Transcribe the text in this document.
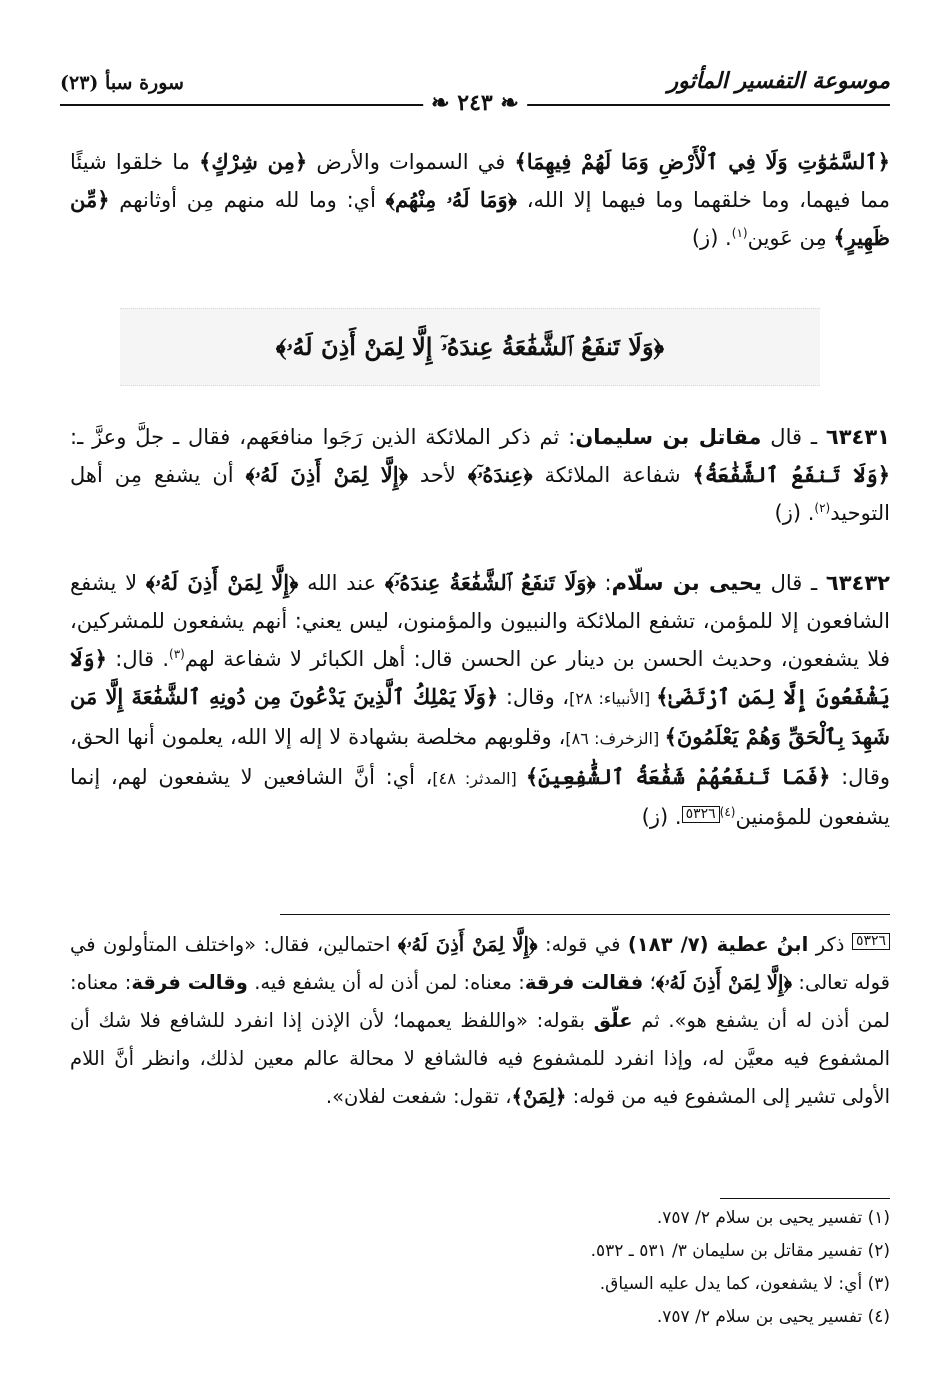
موسوعة التفسير المأثور
سورة سبأ (٢٣)
❧ ٢٤٣ ❧
﴿ٱلسَّمَٰوَٰتِ وَلَا فِي ٱلْأَرْضِ وَمَا لَهُمْ فِيهِمَا﴾ في السموات والأرض ﴿مِن شِرْكٍ﴾ ما خلقوا شيئًا مما فيهما، وما خلقهما وما فيهما إلا الله، ﴿وَمَا لَهُۥ مِنْهُم﴾ أي: وما لله منهم مِن أوثانهم ﴿مِّن ظَهِيرٍ﴾ مِن عَوين$^{(١)}$. (ز)
﴿وَلَا تَنفَعُ ٱلشَّفَٰعَةُ عِندَهُۥٓ إِلَّا لِمَنْ أَذِنَ لَهُۥ﴾
٦٣٤٣١ ـ قال مقاتل بن سليمان: ثم ذكر الملائكة الذين رَجَوا منافعَهم، فقال ـ جلَّ وعزَّ ـ: ﴿وَلَا تَنفَعُ ٱلشَّفَٰعَةُ﴾ شفاعة الملائكة ﴿عِندَهُۥٓ﴾ لأحد ﴿إِلَّا لِمَنْ أَذِنَ لَهُۥ﴾ أن يشفع مِن أهل التوحيد$^{(٢)}$. (ز)
٦٣٤٣٢ ـ قال يحيى بن سلّام: ﴿وَلَا تَنفَعُ ٱلشَّفَٰعَةُ عِندَهُۥٓ﴾ عند الله ﴿إِلَّا لِمَنْ أَذِنَ لَهُۥ﴾ لا يشفع الشافعون إلا للمؤمن، تشفع الملائكة والنبيون والمؤمنون، ليس يعني: أنهم يشفعون للمشركين، فلا يشفعون، وحديث الحسن بن دينار عن الحسن قال: أهل الكبائر لا شفاعة لهم$^{(٣)}$. قال: ﴿وَلَا يَشْفَعُونَ إِلَّا لِمَنِ ٱرْتَضَىٰ﴾ [الأنبياء: ٢٨]، وقال: ﴿وَلَا يَمْلِكُ ٱلَّذِينَ يَدْعُونَ مِن دُونِهِ ٱلشَّفَٰعَةَ إِلَّا مَن شَهِدَ بِٱلْحَقِّ وَهُمْ يَعْلَمُونَ﴾ [الزخرف: ٨٦]، وقلوبهم مخلصة بشهادة لا إله إلا الله، يعلمون أنها الحق، وقال: ﴿فَمَا تَنفَعُهُمْ شَفَٰعَةُ ٱلشَّٰفِعِينَ﴾ [المدثر: ٤٨]، أي: أنَّ الشافعين لا يشفعون لهم، إنما يشفعون للمؤمنين$^{(٤)}$٥٣٢٦. (ز)
٥٣٢٦ ذكر ابنُ عطية (٧/ ١٨٣) في قوله: ﴿إِلَّا لِمَنْ أَذِنَ لَهُۥ﴾ احتمالين، فقال: «واختلف المتأولون في قوله تعالى: ﴿إِلَّا لِمَنْ أَذِنَ لَهُۥ﴾؛ فقالت فرقة: معناه: لمن أذن له أن يشفع فيه. وقالت فرقة: معناه: لمن أذن له أن يشفع هو». ثم علّق بقوله: «واللفظ يعمهما؛ لأن الإذن إذا انفرد للشافع فلا شك أن المشفوع فيه معيَّن له، وإذا انفرد للمشفوع فيه فالشافع لا محالة عالم معين لذلك، وانظر أنَّ اللام الأولى تشير إلى المشفوع فيه من قوله: ﴿لِمَنْ﴾، تقول: شفعت لفلان».
(١) تفسير يحيى بن سلام ٢/ ٧٥٧.
(٢) تفسير مقاتل بن سليمان ٣/ ٥٣١ ـ ٥٣٢.
(٣) أي: لا يشفعون، كما يدل عليه السياق.
(٤) تفسير يحيى بن سلام ٢/ ٧٥٧.
